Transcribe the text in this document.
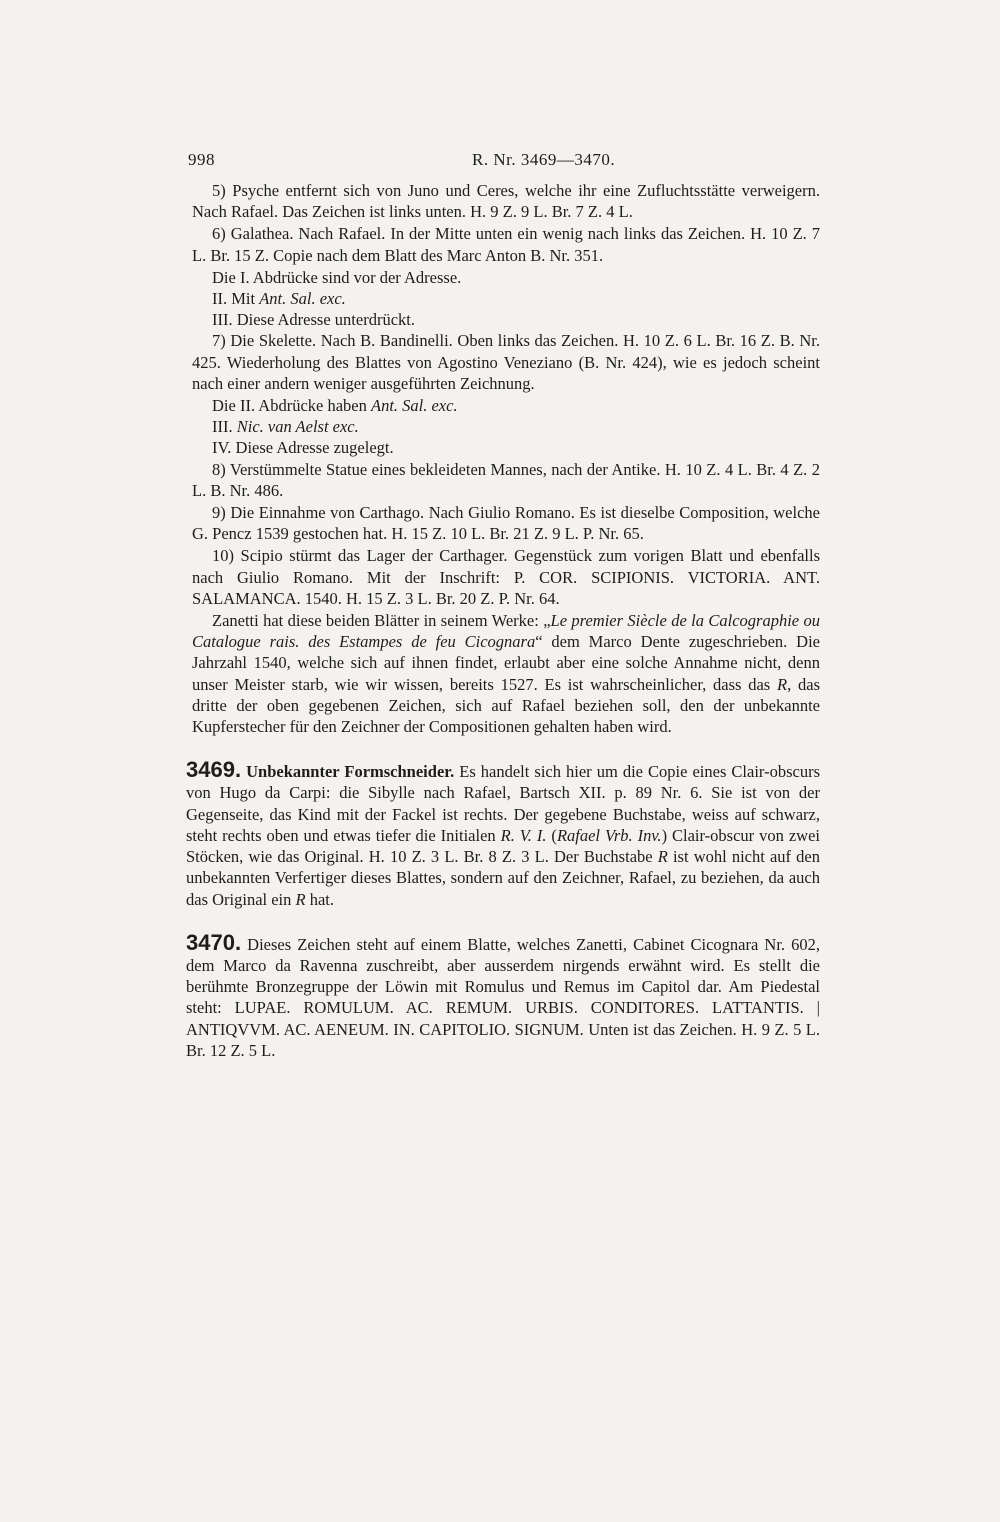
998	R. Nr. 3469—3470.

5) Psyche entfernt sich von Juno und Ceres, welche ihr eine Zufluchtsstätte verweigern. Nach Rafael. Das Zeichen ist links unten. H. 9 Z. 9 L. Br. 7 Z. 4 L.

6) Galathea. Nach Rafael. In der Mitte unten ein wenig nach links das Zeichen. H. 10 Z. 7 L. Br. 15 Z. Copie nach dem Blatt des Marc Anton B. Nr. 351.

Die I. Abdrücke sind vor der Adresse.

II. Mit Ant. Sal. exc.

III. Diese Adresse unterdrückt.

7) Die Skelette. Nach B. Bandinelli. Oben links das Zeichen. H. 10 Z. 6 L. Br. 16 Z. B. Nr. 425. Wiederholung des Blattes von Agostino Veneziano (B. Nr. 424), wie es jedoch scheint nach einer andern weniger ausgeführten Zeichnung.

Die II. Abdrücke haben Ant. Sal. exc.

III. Nic. van Aelst exc.

IV. Diese Adresse zugelegt.

8) Verstümmelte Statue eines bekleideten Mannes, nach der Antike. H. 10 Z. 4 L. Br. 4 Z. 2 L. B. Nr. 486.

9) Die Einnahme von Carthago. Nach Giulio Romano. Es ist dieselbe Composition, welche G. Pencz 1539 gestochen hat. H. 15 Z. 10 L. Br. 21 Z. 9 L. P. Nr. 65.

10) Scipio stürmt das Lager der Carthager. Gegenstück zum vorigen Blatt und ebenfalls nach Giulio Romano. Mit der Inschrift: P. COR. SCIPIONIS. VICTORIA. ANT. SALAMANCA. 1540. H. 15 Z. 3 L. Br. 20 Z. P. Nr. 64.

Zanetti hat diese beiden Blätter in seinem Werke: „Le premier Siècle de la Calcographie ou Catalogue rais. des Estampes de feu Cicognara“ dem Marco Dente zugeschrieben. Die Jahrzahl 1540, welche sich auf ihnen findet, erlaubt aber eine solche Annahme nicht, denn unser Meister starb, wie wir wissen, bereits 1527. Es ist wahrscheinlicher, dass das R, das dritte der oben gegebenen Zeichen, sich auf Rafael beziehen soll, den der unbekannte Kupferstecher für den Zeichner der Compositionen gehalten haben wird.

3469. Unbekannter Formschneider. Es handelt sich hier um die Copie eines Clair-obscurs von Hugo da Carpi: die Sibylle nach Rafael, Bartsch XII. p. 89 Nr. 6. Sie ist von der Gegenseite, das Kind mit der Fackel ist rechts. Der gegebene Buchstabe, weiss auf schwarz, steht rechts oben und etwas tiefer die Initialen R. V. I. (Rafael Vrb. Inv.) Clair-obscur von zwei Stöcken, wie das Original. H. 10 Z. 3 L. Br. 8 Z. 3 L. Der Buchstabe R ist wohl nicht auf den unbekannten Verfertiger dieses Blattes, sondern auf den Zeichner, Rafael, zu beziehen, da auch das Original ein R hat.

3470. Dieses Zeichen steht auf einem Blatte, welches Zanetti, Cabinet Cicognara Nr. 602, dem Marco da Ravenna zuschreibt, aber ausserdem nirgends erwähnt wird. Es stellt die berühmte Bronzegruppe der Löwin mit Romulus und Remus im Capitol dar. Am Piedestal steht: LUPAE. ROMULUM. AC. REMUM. URBIS. CONDITORES. LATTANTIS. | ANTIQVVM. AC. AENEUM. IN. CAPITOLIO. SIGNUM. Unten ist das Zeichen. H. 9 Z. 5 L. Br. 12 Z. 5 L.
